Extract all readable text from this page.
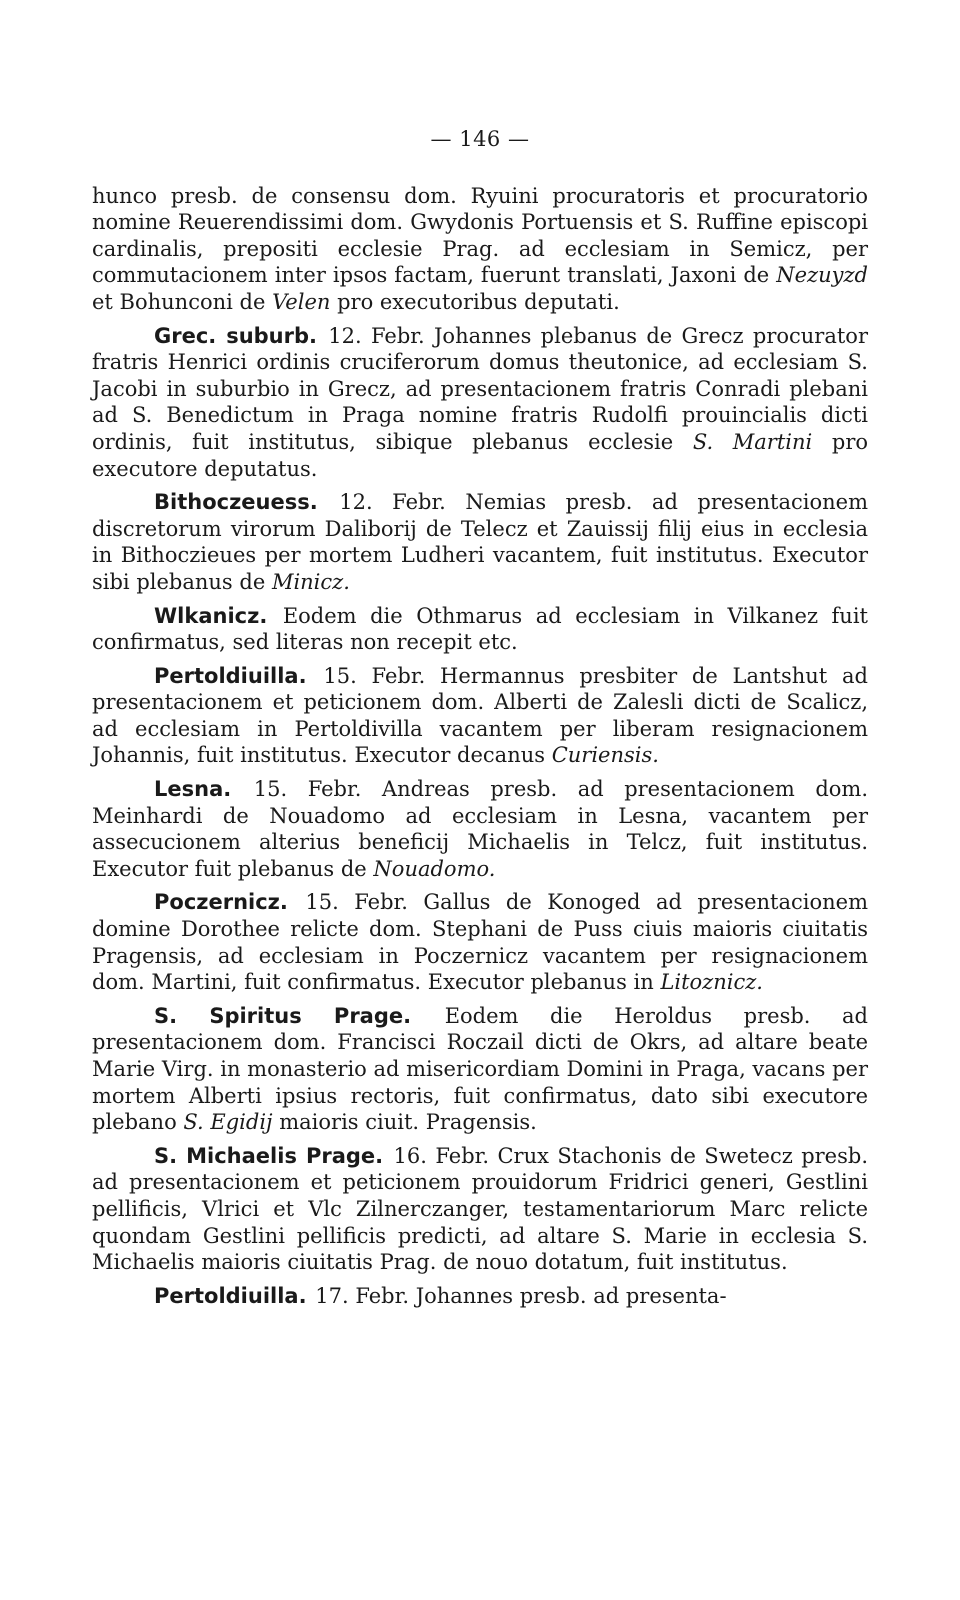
— 146 —

hunco presb. de consensu dom. Ryuini procuratoris et procuratorio nomine Reuerendissimi dom. Gwydonis Portuensis et S. Ruffine episcopi cardinalis, prepositi ecclesie Prag. ad ecclesiam in Semicz, per commutacionem inter ipsos factam, fuerunt translati, Jaxoni de Nezuyzd et Bohunconi de Velen pro executoribus deputati.

Grec. suburb. 12. Febr. Johannes plebanus de Grecz procurator fratris Henrici ordinis cruciferorum domus theutonice, ad ecclesiam S. Jacobi in suburbio in Grecz, ad presentacionem fratris Conradi plebani ad S. Benedictum in Praga nomine fratris Rudolfi prouincialis dicti ordinis, fuit institutus, sibique plebanus ecclesie S. Martini pro executore deputatus.

Bithoczeuess. 12. Febr. Nemias presb. ad presentacionem discretorum virorum Daliborij de Telecz et Zauissij filij eius in ecclesia in Bithoczieues per mortem Ludheri vacantem, fuit institutus. Executor sibi plebanus de Minicz.

Wlkanicz. Eodem die Othmarus ad ecclesiam in Vilkanez fuit confirmatus, sed literas non recepit etc.

Pertoldiuilla. 15. Febr. Hermannus presbiter de Lantshut ad presentacionem et peticionem dom. Alberti de Zalesli dicti de Scalicz, ad ecclesiam in Pertoldivilla vacantem per liberam resignacionem Johannis, fuit institutus. Executor decanus Curiensis.

Lesna. 15. Febr. Andreas presb. ad presentacionem dom. Meinhardi de Nouadomo ad ecclesiam in Lesna, vacantem per assecucionem alterius beneficij Michaelis in Telcz, fuit institutus. Executor fuit plebanus de Nouadomo.

Poczernicz. 15. Febr. Gallus de Konoged ad presentacionem domine Dorothee relicte dom. Stephani de Puss ciuis maioris ciuitatis Pragensis, ad ecclesiam in Poczernicz vacantem per resignacionem dom. Martini, fuit confirmatus. Executor plebanus in Litoznicz.

S. Spiritus Prage. Eodem die Heroldus presb. ad presentacionem dom. Francisci Roczail dicti de Okrs, ad altare beate Marie Virg. in monasterio ad misericordiam Domini in Praga, vacans per mortem Alberti ipsius rectoris, fuit confirmatus, dato sibi executore plebano S. Egidij maioris ciuit. Pragensis.

S. Michaelis Prage. 16. Febr. Crux Stachonis de Swetecz presb. ad presentacionem et peticionem prouidorum Fridrici generi, Gestlini pellificis, Vlrici et Vlc Zilnerczanger, testamentariorum Marc relicte quondam Gestlini pellificis predicti, ad altare S. Marie in ecclesia S. Michaelis maioris ciuitatis Prag. de nouo dotatum, fuit institutus.

Pertoldiuilla. 17. Febr. Johannes presb. ad presenta-
